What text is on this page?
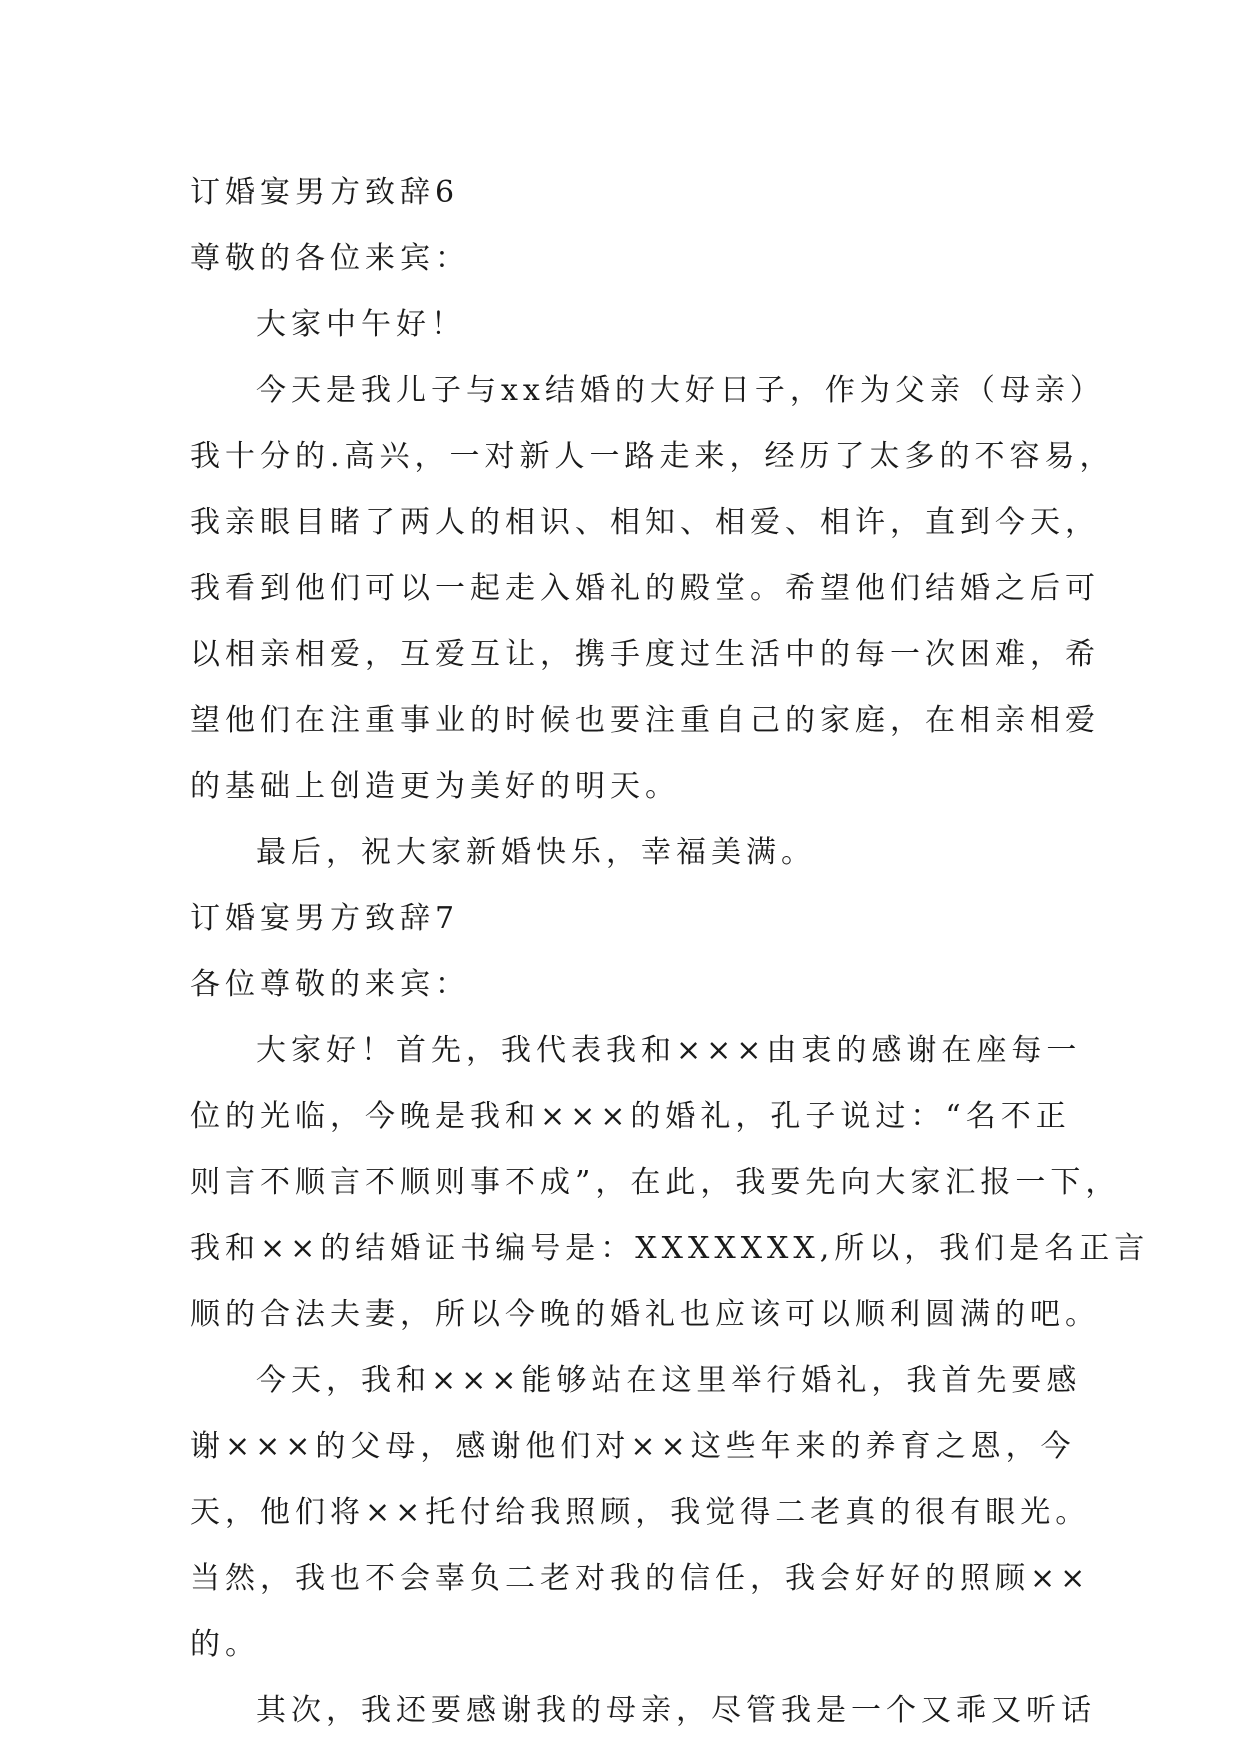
订婚宴男方致辞6
尊敬的各位来宾：
大家中午好！
今天是我儿子与xx结婚的大好日子，作为父亲（母亲）
我十分的.高兴，一对新人一路走来，经历了太多的不容易，
我亲眼目睹了两人的相识、相知、相爱、相许，直到今天，
我看到他们可以一起走入婚礼的殿堂。希望他们结婚之后可
以相亲相爱，互爱互让，携手度过生活中的每一次困难，希
望他们在注重事业的时候也要注重自己的家庭，在相亲相爱
的基础上创造更为美好的明天。
最后，祝大家新婚快乐，幸福美满。
订婚宴男方致辞7
各位尊敬的来宾：
大家好！首先，我代表我和×××由衷的感谢在座每一
位的光临，今晚是我和×××的婚礼，孔子说过：“名不正
则言不顺言不顺则事不成”，在此，我要先向大家汇报一下，
我和××的结婚证书编号是：XXXXXXX,所以，我们是名正言
顺的合法夫妻，所以今晚的婚礼也应该可以顺利圆满的吧。
今天，我和×××能够站在这里举行婚礼，我首先要感
谢×××的父母，感谢他们对××这些年来的养育之恩，今
天，他们将××托付给我照顾，我觉得二老真的很有眼光。
当然，我也不会辜负二老对我的信任，我会好好的照顾××
的。
其次，我还要感谢我的母亲，尽管我是一个又乖又听话
